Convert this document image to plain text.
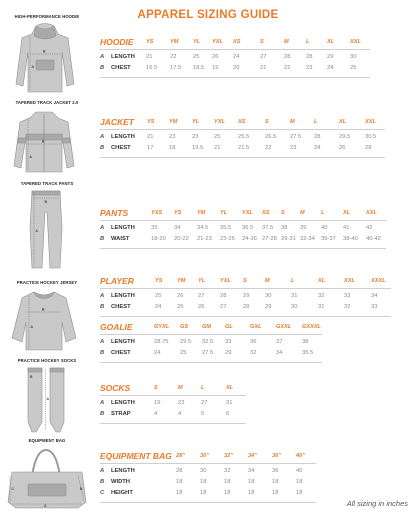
APPAREL SIZING GUIDE
HIGH-PERFORMANCE HOODIE
TAPERED TRACK JACKET 2.0
TAPERED TRACK PANTS
PRACTICE HOCKEY JERSEY
PRACTICE HOCKEY SOCKS
EQUIPMENT BAG
A
B
A
B
A
B
A
B
A
B
A
B
C
HOODIE YS	YM	YL YXL XS	S	M	L	XL	XXL
A LENGTH 21	22	25 26	24	27	28	28	29	30
B CHEST	16.5 17.5 18.5 19	20	21	22	23	24	25
JACKET YS	YM	YL	YXL XS	S	M	L	XL	XXL
A LENGTH 21	23	23	25	25.5	26.5 27.5 28	29.5	30.5
B CHEST	17	18	19.5 21	21.5	22	23	24	26	28
PANTS	YXS YS	YM	YL	YXL XS S	M	L	XL	XXL
A LENGTH	33	34	34.5 35.5 36.5 37.5 38 39	40	41	42
B WAIST	18-20 20-22 21-23 23-25 24-26 27-28 29-31 32-34 35-37 38-40 40-42
PLAYER	YS	YM YL	YXL S	M	L	XL	XXL	XXXL
A LENGTH	25	26	27	28	29	30	31	32	33	34
B CHEST	24	25	26	27	28	29	30	31	32	33
GOALIE	GYXL GS GM GL	GXL	GXXL GXXXL
A LENGTH	28.75 29.5 32.5 33	36	37	38
B CHEST	24	25	27.5 29	32	34	35.5
SOCKS	S	M	L	XL
A LENGTH	19	23	27	31
B STRAP	4	4	6	6
EQUIPMENT BAG 28"	30"	32"	34"	36"	40"
A LENGTH	28	30	32	34	36	40
B WIDTH	18	18	18	18	18	18
C HEIGHT	18	18	18	18	18	18
All sizing in inches
